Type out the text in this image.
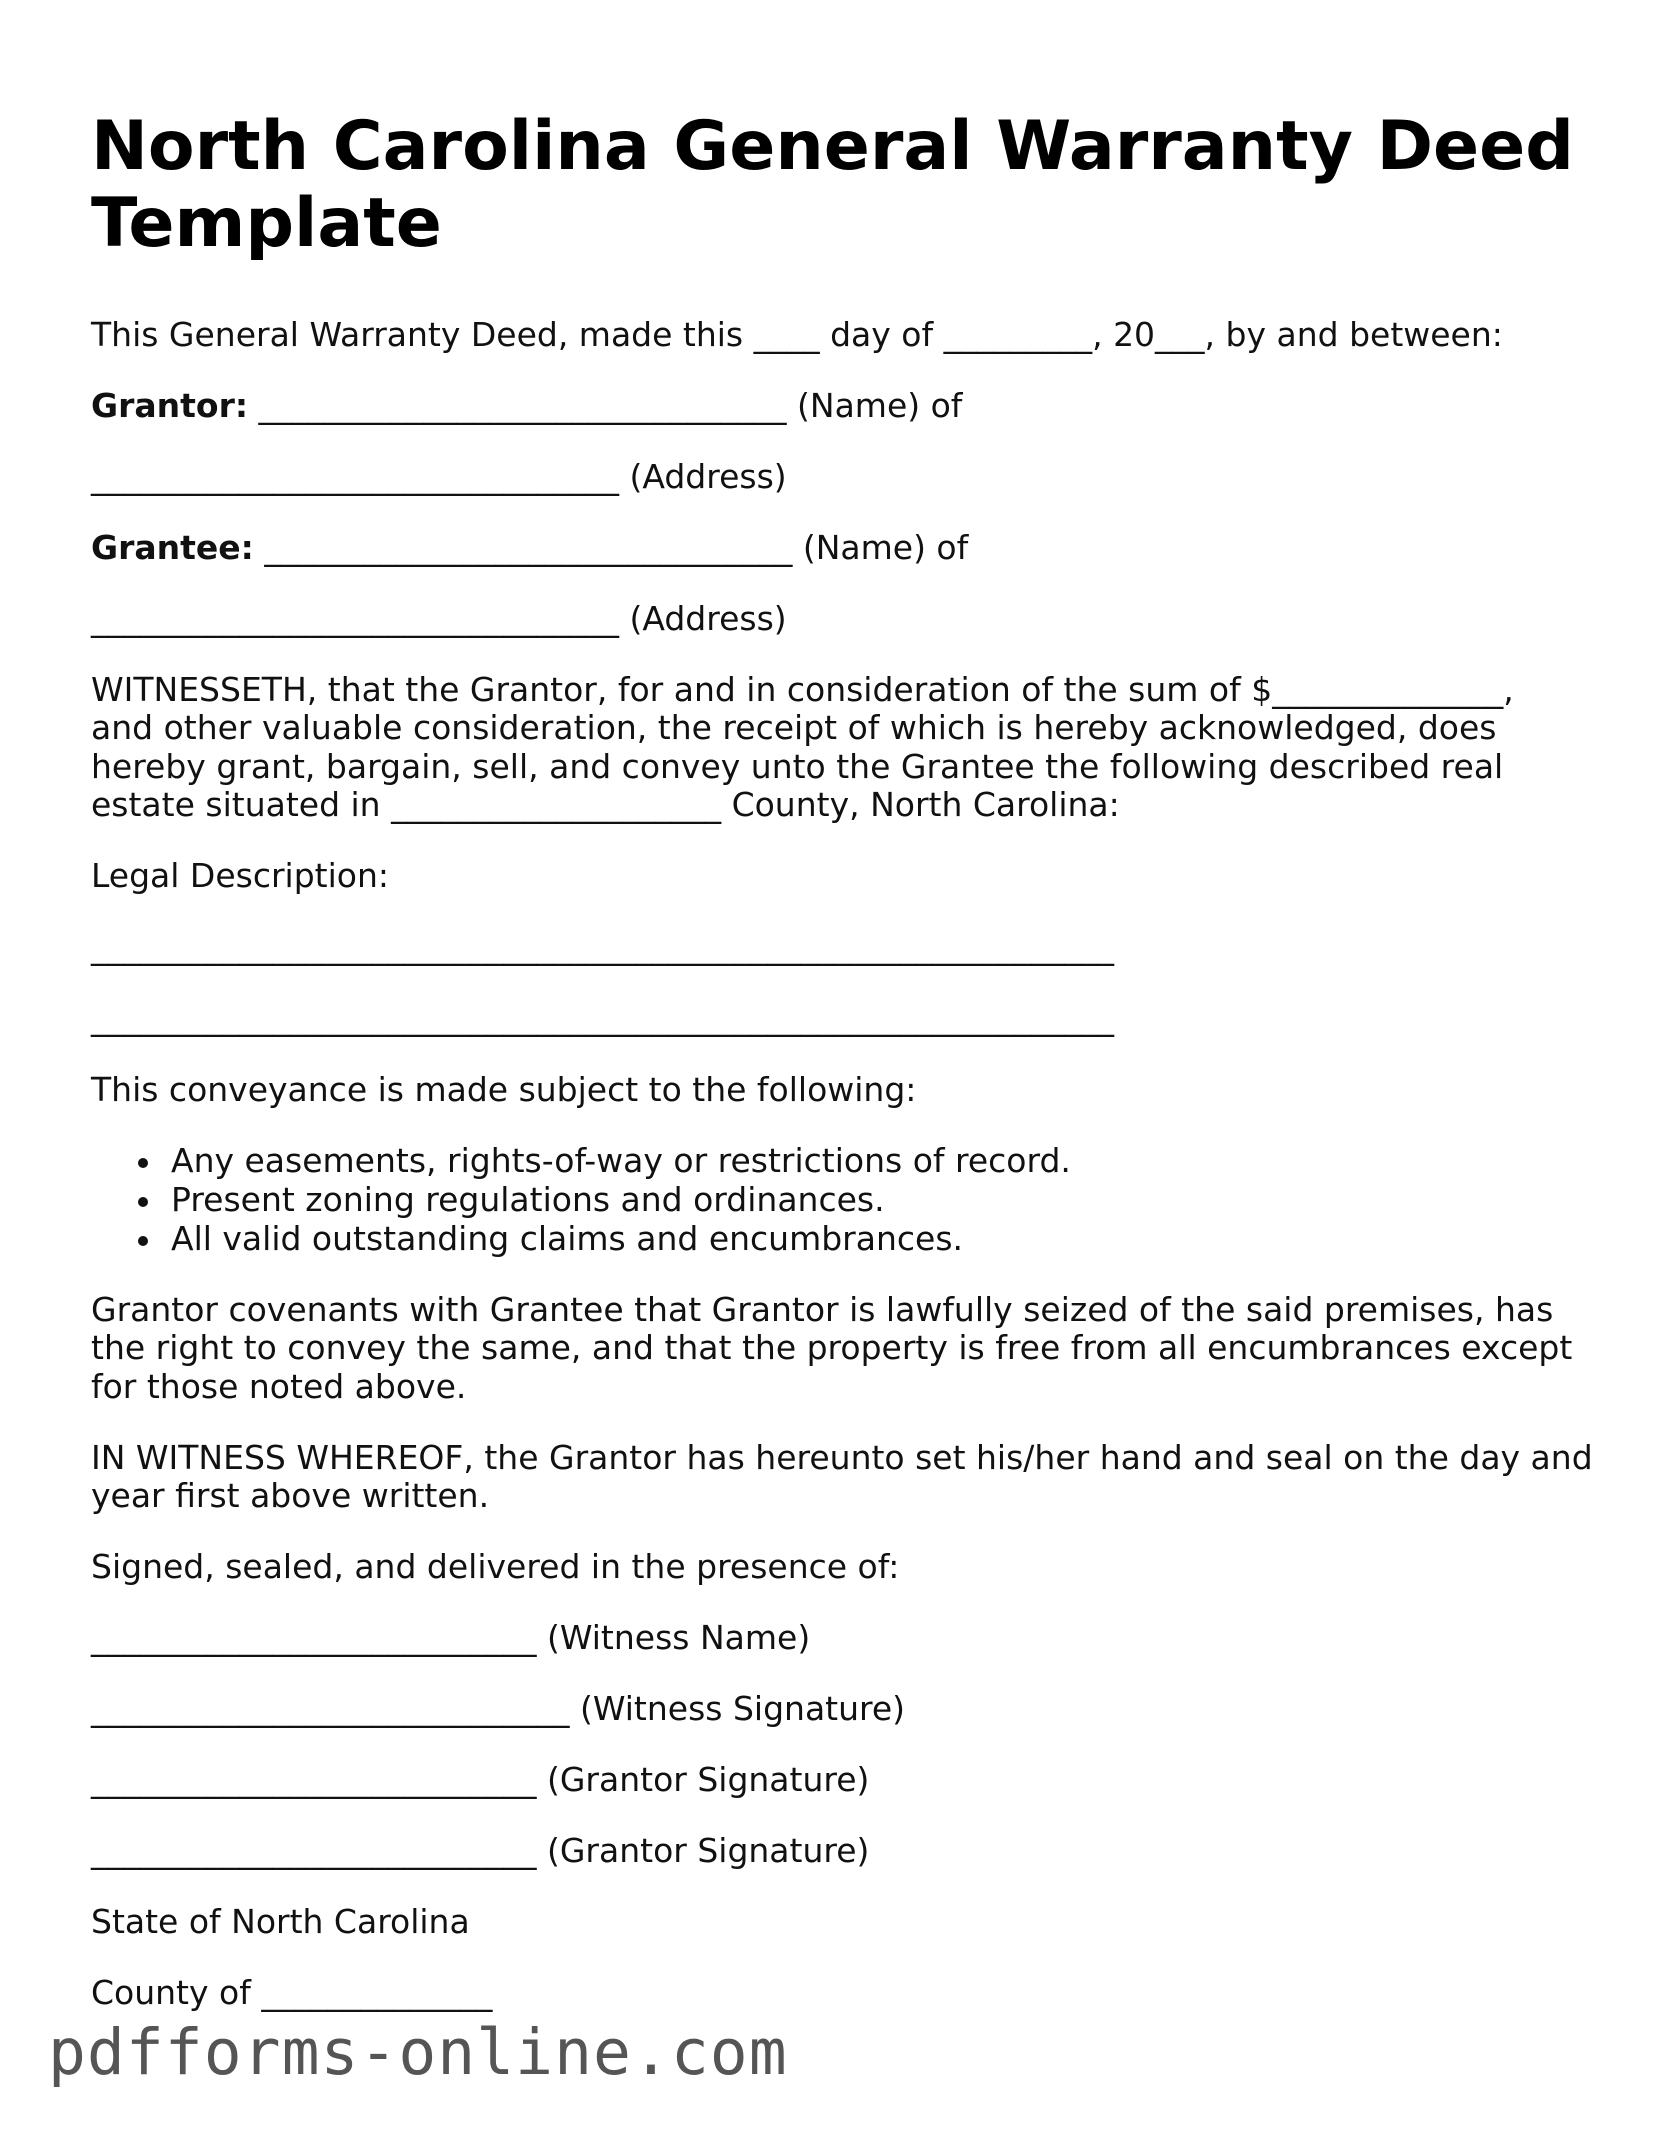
North Carolina General Warranty Deed Template

This General Warranty Deed, made this ____ day of _________, 20___, by and between:

Grantor: ________________________________ (Name) of

________________________________ (Address)

Grantee: ________________________________ (Name) of

________________________________ (Address)

WITNESSETH, that the Grantor, for and in consideration of the sum of $______________,

and other valuable consideration, the receipt of which is hereby acknowledged, does

hereby grant, bargain, sell, and convey unto the Grantee the following described real

estate situated in ____________________ County, North Carolina:

Legal Description:

______________________________________________________________

______________________________________________________________

This conveyance is made subject to the following:

Any easements, rights-of-way or restrictions of record.
Present zoning regulations and ordinances.
All valid outstanding claims and encumbrances.

Grantor covenants with Grantee that Grantor is lawfully seized of the said premises, has

the right to convey the same, and that the property is free from all encumbrances except

for those noted above.

IN WITNESS WHEREOF, the Grantor has hereunto set his/her hand and seal on the day and

year first above written.

Signed, sealed, and delivered in the presence of:

___________________________ (Witness Name)

_____________________________ (Witness Signature)

___________________________ (Grantor Signature)

___________________________ (Grantor Signature)

State of North Carolina

County of ______________

pdfforms-online.com
